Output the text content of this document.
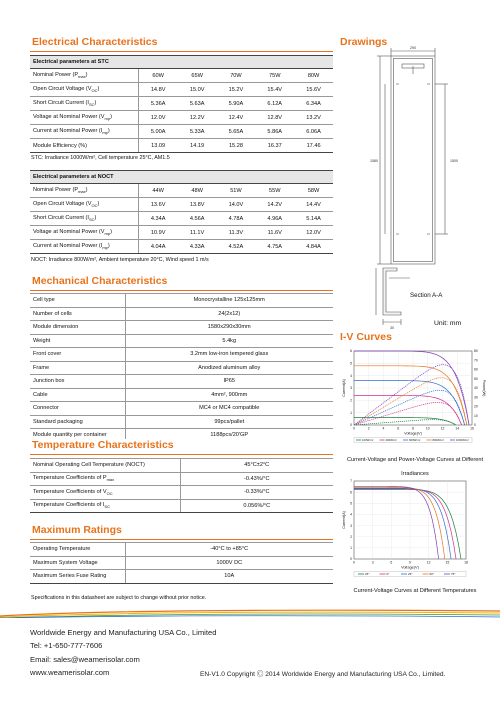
Electrical Characteristics
Electrical parameters at STC					
Nominal Power $(P_{max})$	60W	65W	70W	75W	80W
Open Circuit Voltage $(V_{OC})$	14.8V	15.0V	15.2V	15.4V	15.6V
Short Circuit Current $(I_{SC})$	5.36A	5.63A	5.90A	6.12A	6.34A
Voltage at Nominal Power $(V_{mp})$	12.0V	12.2V	12.4V	12.8V	13.2V
Current at Nominal Power $(I_{mp})$	5.00A	5.33A	5.65A	5.86A	6.06A
Module Efficiency (%)	13.09	14.19	15.28	16.37	17.46
STC: Irradiance 1000W/m², Cell temperature 25°C, AM1.5
Electrical parameters at NOCT					
Nominal Power $(P_{max})$	44W	48W	51W	55W	58W
Open Circuit Voltage $(V_{OC})$	13.6V	13.8V	14.0V	14.2V	14.4V
Short Circuit Current $(I_{SC})$	4.34A	4.56A	4.78A	4.96A	5.14A
Voltage at Nominal Power $(V_{mp})$	10.9V	11.1V	11.3V	11.6V	12.0V
Current at Nominal Power $(I_{mp})$	4.04A	4.33A	4.52A	4.75A	4.84A
NOCT: Irradiance 800W/m², Ambient temperature 20°C, Wind speed 1 m/s
Mechanical Characteristics
Cell type	Monocrystalline 125x125mm
Number of cells	24(2x12)
Module dimension	1580x290x30mm
Weight	5.4kg
Front cover	3.2mm low-iron tempered glass
Frame	Anodized aluminum alloy
Junction box	IP65
Cable	4mm², 900mm
Connector	MC4 or MC4 compatible
Standard packaging	99pcs/pallet
Module quantity per container	1188pcs/20'GP
Temperature Characteristics
Nominal Operating Cell Temperature (NOCT)	45°C±2°C
Temperature Coefficients of $P_{max}$	-0.43%/°C
Temperature Coefficients of $V_{OC}$	-0.33%/°C
Temperature Coefficients of $I_{SC}$	0.056%/°C
Maximum Ratings
Operating Temperature	-40°C to +85°C
Maximum System Voltage	1000V DC
Maximum Series Fuse Rating	10A
Specifications in this datasheet are subject to change without prior notice.
Drawings	290
1580	1500
30
Section A-A
Unit: mm
I-V Curves
0	2	4	6	8	10	12	14	16
0
1
2
3
4
5
6
0
10
20
30
40
50
60
70
80
Voltage(V)
Current(A)	Power(W)
100W/m²	400W/m²	600W/m²	800W/m²	1000W/m²
Current-Voltage and Power-Voltage Curves at Different Irradiances
0	3	6	9	12	15	18
0
1
2
3
4
5
6
7
Voltage(V)
Current(A)
25°	0°	25°	50°	75°
Current-Voltage Curves at Different Temperatures
Worldwide Energy and Manufacturing USA Co., Limited
Tel: +1-650-777-7606
Email: sales@weamerisolar.com
www.weamerisolar.com	EN-V1.0 Copyright Ⓒ 2014 Worldwide Energy and Manufacturing USA Co., Limited.
